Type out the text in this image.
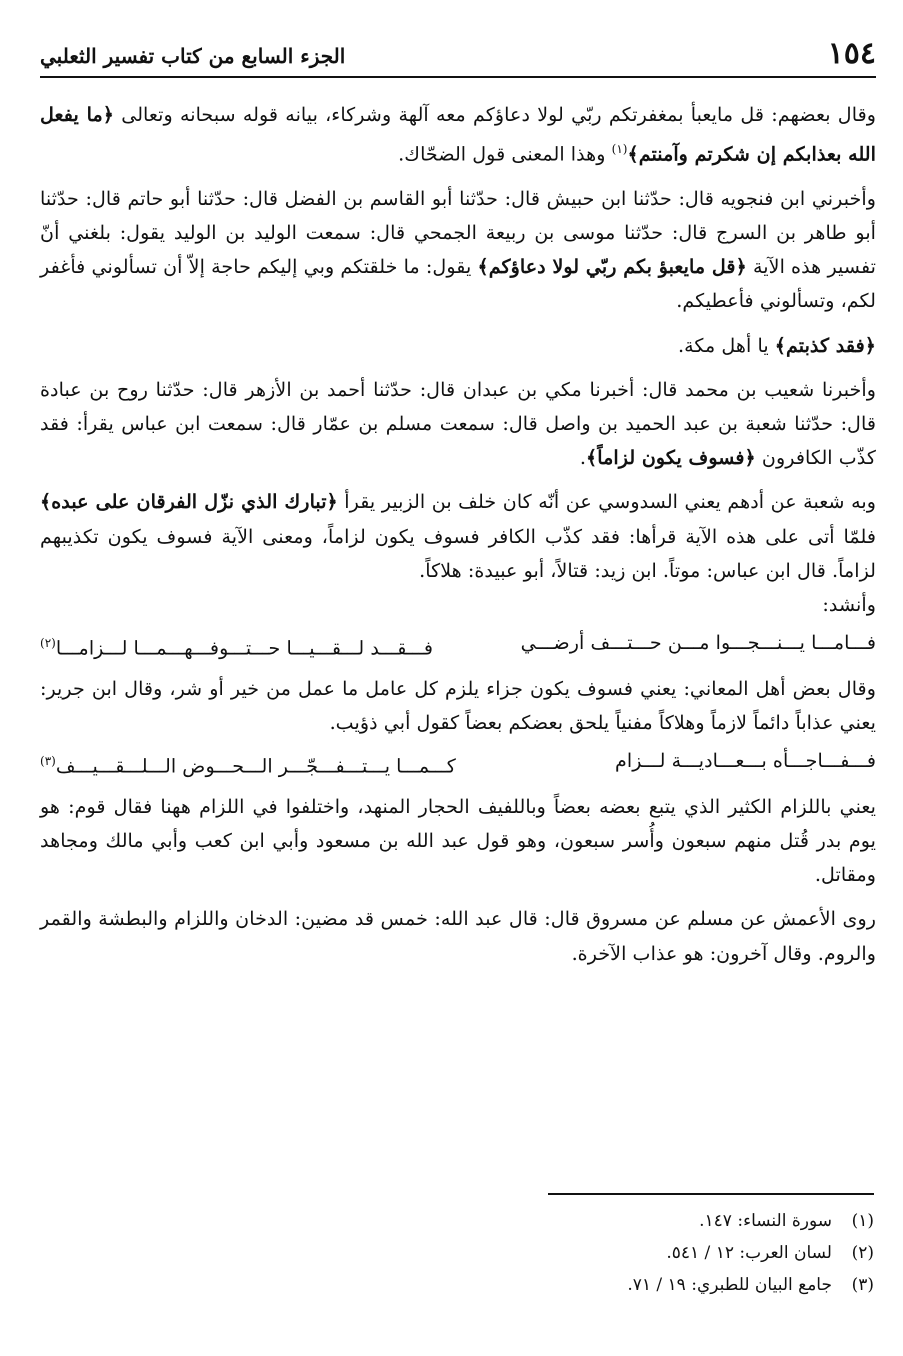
١٥٤
الجزء السابع من كتاب تفسير الثعلبي

وقال بعضهم: قل مايعبأ بمغفرتكم ربّي لولا دعاؤكم معه آلهة وشركاء، بيانه قوله سبحانه وتعالى ﴿ما يفعل الله بعذابكم إن شكرتم وآمنتم﴾$^{(١)}$ وهذا المعنى قول الضحّاك.

وأخبرني ابن فنجويه قال: حدّثنا ابن حبيش قال: حدّثنا أبو القاسم بن الفضل قال: حدّثنا أبو حاتم قال: حدّثنا أبو طاهر بن السرج قال: حدّثنا موسى بن ربيعة الجمحي قال: سمعت الوليد بن الوليد يقول: بلغني أنّ تفسير هذه الآية ﴿قل مايعبؤ بكم ربّي لولا دعاؤكم﴾ يقول: ما خلقتكم وبي إليكم حاجة إلاّ أن تسألوني فأغفر لكم، وتسألوني فأعطيكم.

﴿فقد كذبتم﴾ يا أهل مكة.

وأخبرنا شعيب بن محمد قال: أخبرنا مكي بن عبدان قال: حدّثنا أحمد بن الأزهر قال: حدّثنا روح بن عبادة قال: حدّثنا شعبة بن عبد الحميد بن واصل قال: سمعت مسلم بن عمّار قال: سمعت ابن عباس يقرأ: فقد كذّب الكافرون ﴿فسوف يكون لزاماً﴾.

وبه شعبة عن أدهم يعني السدوسي عن أنّه كان خلف بن الزبير يقرأ ﴿تبارك الذي نزّل الفرقان على عبده﴾ فلمّا أتى على هذه الآية قرأها: فقد كذّب الكافر فسوف يكون لزاماً، ومعنى الآية فسوف يكون تكذيبهم لزاماً. قال ابن عباس: موتاً. ابن زيد: قتالاً، أبو عبيدة: هلاكاً.

وأنشد:

فـــامـــا يـــنـــجـــوا مـــن حـــتـــف أرضـــي
فـــقـــد لـــقـــيـــا حـــتـــوفـــهـــمـــا لـــزامـــا$^{(٢)}$

وقال بعض أهل المعاني: يعني فسوف يكون جزاء يلزم كل عامل ما عمل من خير أو شر، وقال ابن جرير: يعني عذاباً دائماً لازماً وهلاكاً مفنياً يلحق بعضكم بعضاً كقول أبي ذؤيب.

فـــفـــاجـــأه بـــعـــاديـــة لـــزام
كـــمـــا يـــتـــفـــجّـــر الـــحـــوض الـــلـــقـــيـــف$^{(٣)}$

يعني باللزام الكثير الذي يتبع بعضه بعضاً وباللفيف الحجار المنهد، واختلفوا في اللزام ههنا فقال قوم: هو يوم بدر قُتل منهم سبعون وأُسر سبعون، وهو قول عبد الله بن مسعود وأبي ابن كعب وأبي مالك ومجاهد ومقاتل.

روى الأعمش عن مسلم عن مسروق قال: قال عبد الله: خمس قد مضين: الدخان واللزام والبطشة والقمر والروم. وقال آخرون: هو عذاب الآخرة.

(١)
سورة النساء: ١٤٧.
(٢)
لسان العرب: ١٢ / ٥٤١.
(٣)
جامع البيان للطبري: ١٩ / ٧١.
